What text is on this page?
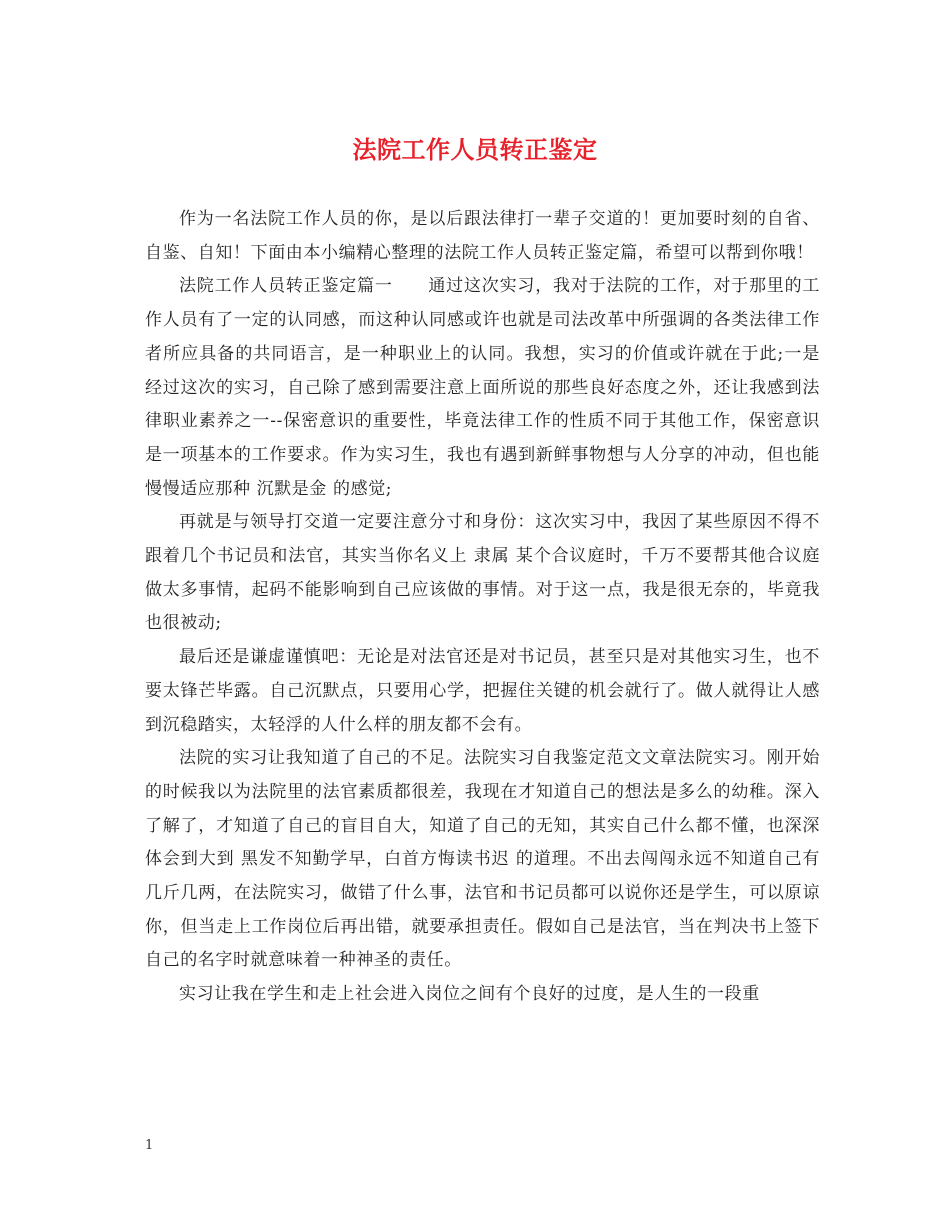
法院工作人员转正鉴定

作为一名法院工作人员的你，是以后跟法律打一辈子交道的！更加要时刻的自省、自鉴、自知！下面由本小编精心整理的法院工作人员转正鉴定篇，希望可以帮到你哦！

法院工作人员转正鉴定篇一　　通过这次实习，我对于法院的工作，对于那里的工作人员有了一定的认同感，而这种认同感或许也就是司法改革中所强调的各类法律工作者所应具备的共同语言，是一种职业上的认同。我想，实习的价值或许就在于此;一是经过这次的实习，自己除了感到需要注意上面所说的那些良好态度之外，还让我感到法律职业素养之一--保密意识的重要性，毕竟法律工作的性质不同于其他工作，保密意识是一项基本的工作要求。作为实习生，我也有遇到新鲜事物想与人分享的冲动，但也能慢慢适应那种 沉默是金 的感觉;

再就是与领导打交道一定要注意分寸和身份：这次实习中，我因了某些原因不得不跟着几个书记员和法官，其实当你名义上 隶属 某个合议庭时，千万不要帮其他合议庭做太多事情，起码不能影响到自己应该做的事情。对于这一点，我是很无奈的，毕竟我也很被动;

最后还是谦虚谨慎吧：无论是对法官还是对书记员，甚至只是对其他实习生，也不要太锋芒毕露。自己沉默点，只要用心学，把握住关键的机会就行了。做人就得让人感到沉稳踏实，太轻浮的人什么样的朋友都不会有。

法院的实习让我知道了自己的不足。法院实习自我鉴定范文文章法院实习。刚开始的时候我以为法院里的法官素质都很差，我现在才知道自己的想法是多么的幼稚。深入了解了，才知道了自己的盲目自大，知道了自己的无知，其实自己什么都不懂，也深深体会到大到 黑发不知勤学早，白首方悔读书迟 的道理。不出去闯闯永远不知道自己有几斤几两，在法院实习，做错了什么事，法官和书记员都可以说你还是学生，可以原谅你，但当走上工作岗位后再出错，就要承担责任。假如自己是法官，当在判决书上签下自己的名字时就意味着一种神圣的责任。

实习让我在学生和走上社会进入岗位之间有个良好的过度，是人生的一段重

1
